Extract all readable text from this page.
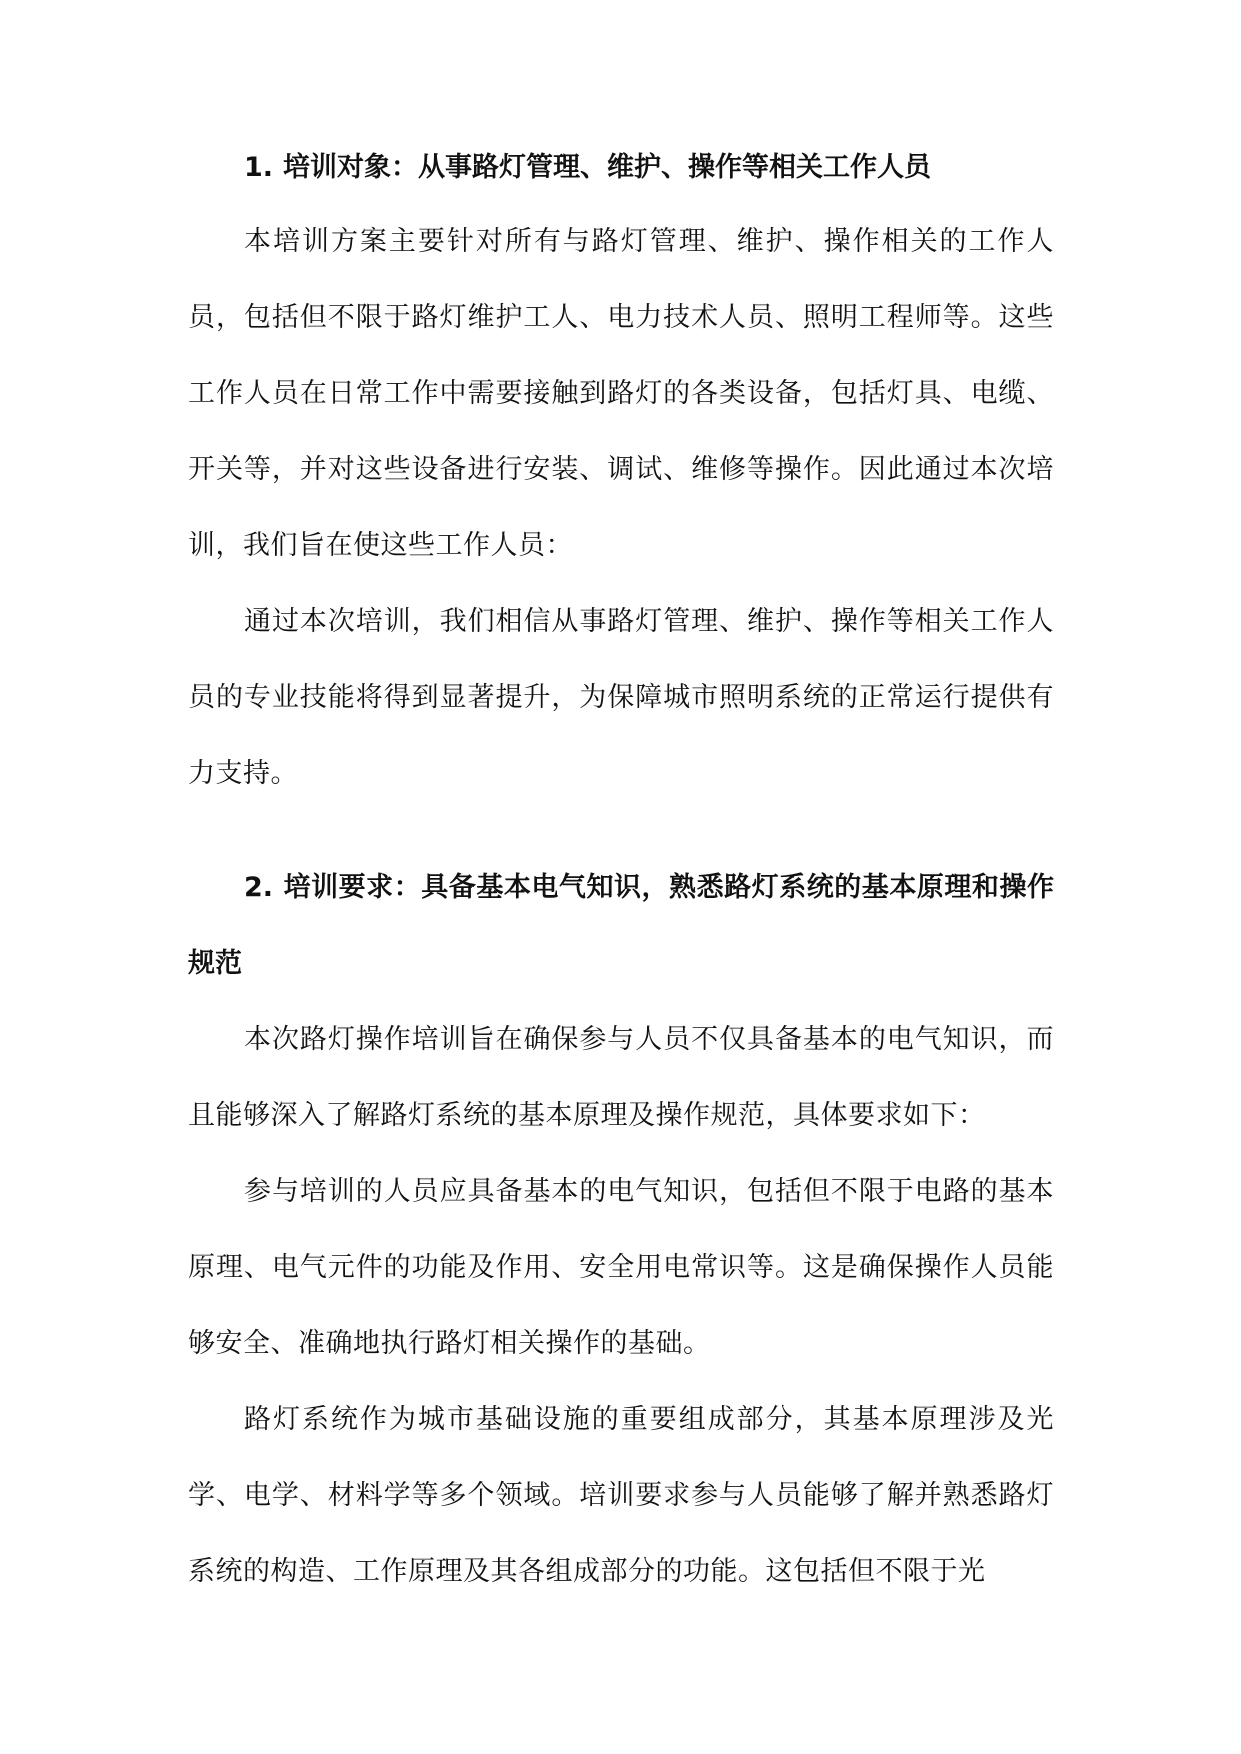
1. 培训对象：从事路灯管理、维护、操作等相关工作人员

本培训方案主要针对所有与路灯管理、维护、操作相关的工作人员，包括但不限于路灯维护工人、电力技术人员、照明工程师等。这些工作人员在日常工作中需要接触到路灯的各类设备，包括灯具、电缆、开关等，并对这些设备进行安装、调试、维修等操作。因此通过本次培训，我们旨在使这些工作人员：

通过本次培训，我们相信从事路灯管理、维护、操作等相关工作人员的专业技能将得到显著提升，为保障城市照明系统的正常运行提供有力支持。

2. 培训要求：具备基本电气知识，熟悉路灯系统的基本原理和操作规范

本次路灯操作培训旨在确保参与人员不仅具备基本的电气知识，而且能够深入了解路灯系统的基本原理及操作规范，具体要求如下：

参与培训的人员应具备基本的电气知识，包括但不限于电路的基本原理、电气元件的功能及作用、安全用电常识等。这是确保操作人员能够安全、准确地执行路灯相关操作的基础。

路灯系统作为城市基础设施的重要组成部分，其基本原理涉及光学、电学、材料学等多个领域。培训要求参与人员能够了解并熟悉路灯系统的构造、工作原理及其各组成部分的功能。这包括但不限于光
